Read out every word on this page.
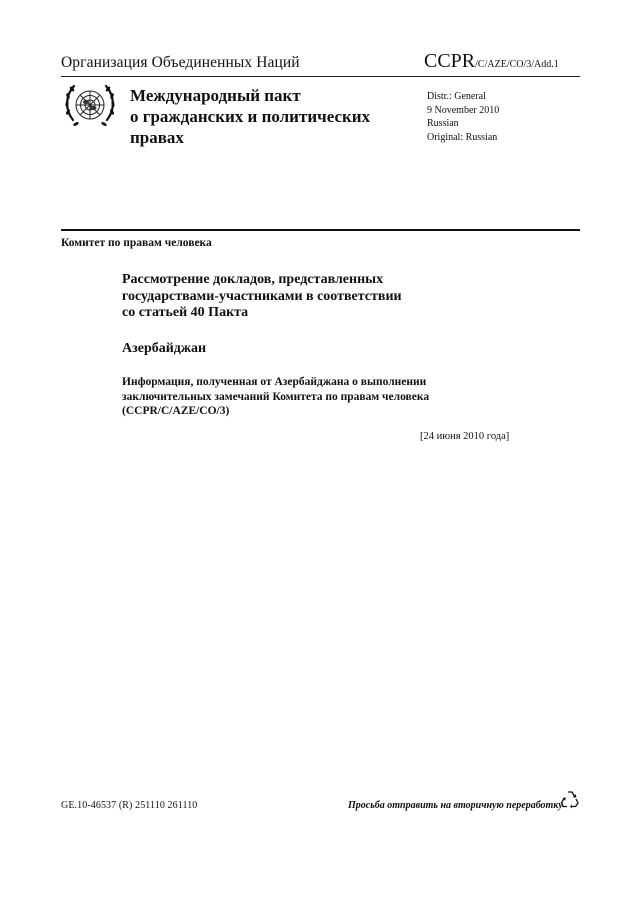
Организация Объединенных Наций	CCPR/C/AZE/CO/3/Add.1
Международный пакт
о гражданских и политических
правах
Distr.: General
9 November 2010
Russian
Original: Russian
Комитет по правам человека
Рассмотрение докладов, представленных
государствами-участниками в соответствии
со статьей 40 Пакта
Азербайджан
Информация, полученная от Азербайджана о выполнении
заключительных замечаний Комитета по правам человека
(CCPR/C/AZE/CO/3)
[24 июня 2010 года]
GE.10-46537 (R) 251110 261110	Просьба отправить на вторичную переработку
